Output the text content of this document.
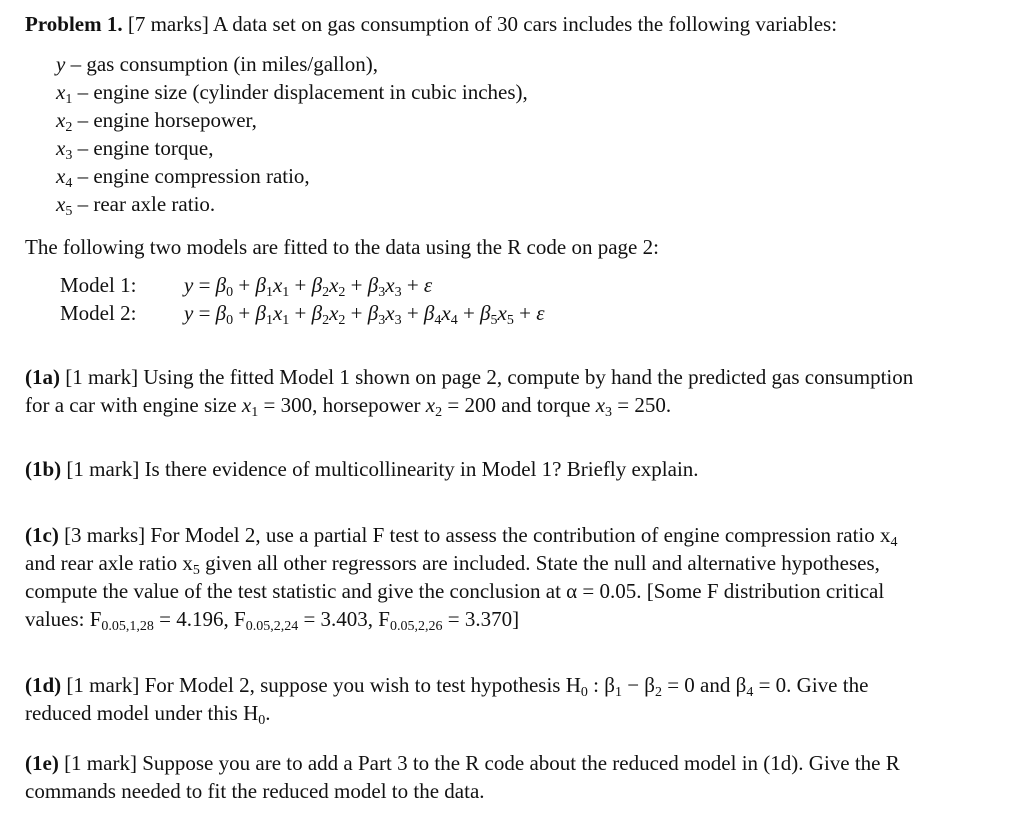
Problem 1. [7 marks] A data set on gas consumption of 30 cars includes the following variables:
y – gas consumption (in miles/gallon),
$x_1$ – engine size (cylinder displacement in cubic inches),
$x_2$ – engine horsepower,
$x_3$ – engine torque,
$x_4$ – engine compression ratio,
$x_5$ – rear axle ratio.
The following two models are fitted to the data using the R code on page 2:
Model 1:	$y = \beta_0 + \beta_1x_1 + \beta_2x_2 + \beta_3x_3 + \varepsilon$
Model 2:	$y = \beta_0 + \beta_1x_1 + \beta_2x_2 + \beta_3x_3 + \beta_4x_4 + \beta_5x_5 + \varepsilon$
(1a) [1 mark] Using the fitted Model 1 shown on page 2, compute by hand the predicted gas consumption
for a car with engine size $x_1 = 300$, horsepower $x_2 = 200$ and torque $x_3 = 250$.
(1b) [1 mark] Is there evidence of multicollinearity in Model 1? Briefly explain.
(1c) [3 marks] For Model 2, use a partial F test to assess the contribution of engine compression ratio $x_4$
and rear axle ratio $x_5$ given all other regressors are included. State the null and alternative hypotheses,
compute the value of the test statistic and give the conclusion at α = 0.05. [Some F distribution critical
values: $F_{0.05,1,28} = 4.196$, $F_{0.05,2,24} = 3.403$, $F_{0.05,2,26} = 3.370$]
(1d) [1 mark] For Model 2, suppose you wish to test hypothesis $H_0$ : $\beta_1 - \beta_2 = 0$ and $\beta_4 = 0$. Give the
reduced model under this $H_0$.
(1e) [1 mark] Suppose you are to add a Part 3 to the R code about the reduced model in (1d). Give the R
commands needed to fit the reduced model to the data.
